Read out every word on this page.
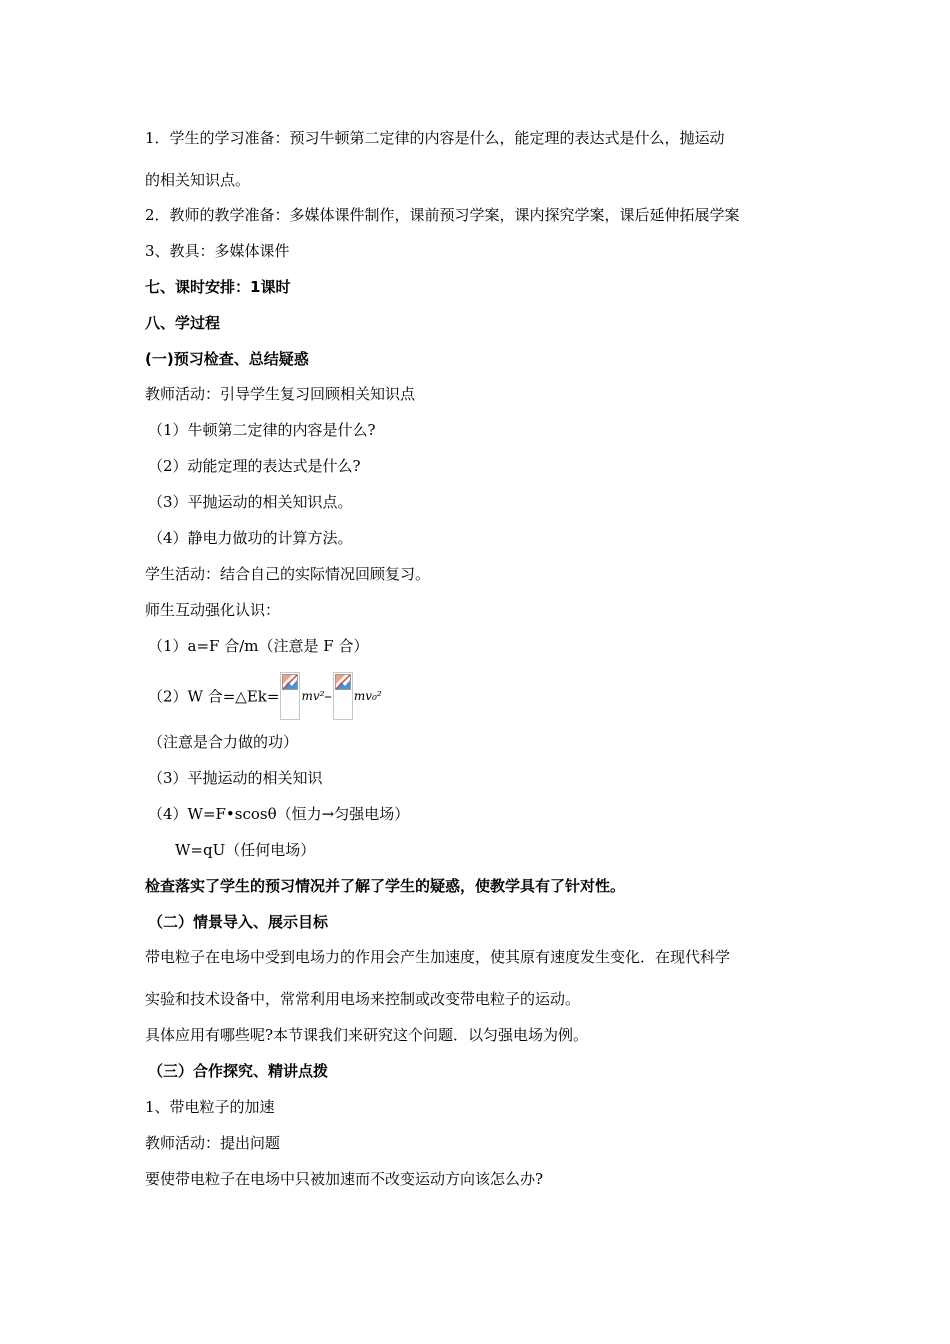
1．学生的学习准备：预习牛顿第二定律的内容是什么，能定理的表达式是什么，抛运动
的相关知识点。
2．教师的教学准备：多媒体课件制作，课前预习学案，课内探究学案，课后延伸拓展学案
3、教具：多媒体课件
七、课时安排：1课时
八、学过程
(一)预习检查、总结疑惑
教师活动：引导学生复习回顾相关知识点
（1）牛顿第二定律的内容是什么?
（2）动能定理的表达式是什么?
（3）平抛运动的相关知识点。
（4）静电力做功的计算方法。
学生活动：结合自己的实际情况回顾复习。
师生互动强化认识：
（1）a=F 合/m（注意是 F 合）
（2）W 合=△Ek= mv²– mv₀²
（注意是合力做的功）
（3）平抛运动的相关知识
（4）W=F•scosθ（恒力→匀强电场）
W=qU（任何电场）
检查落实了学生的预习情况并了解了学生的疑惑，使教学具有了针对性。
（二）情景导入、展示目标
带电粒子在电场中受到电场力的作用会产生加速度，使其原有速度发生变化．在现代科学
实验和技术设备中，常常利用电场来控制或改变带电粒子的运动。
具体应用有哪些呢?本节课我们来研究这个问题．以匀强电场为例。
（三）合作探究、精讲点拨
1、带电粒子的加速
教师活动：提出问题
要使带电粒子在电场中只被加速而不改变运动方向该怎么办?
